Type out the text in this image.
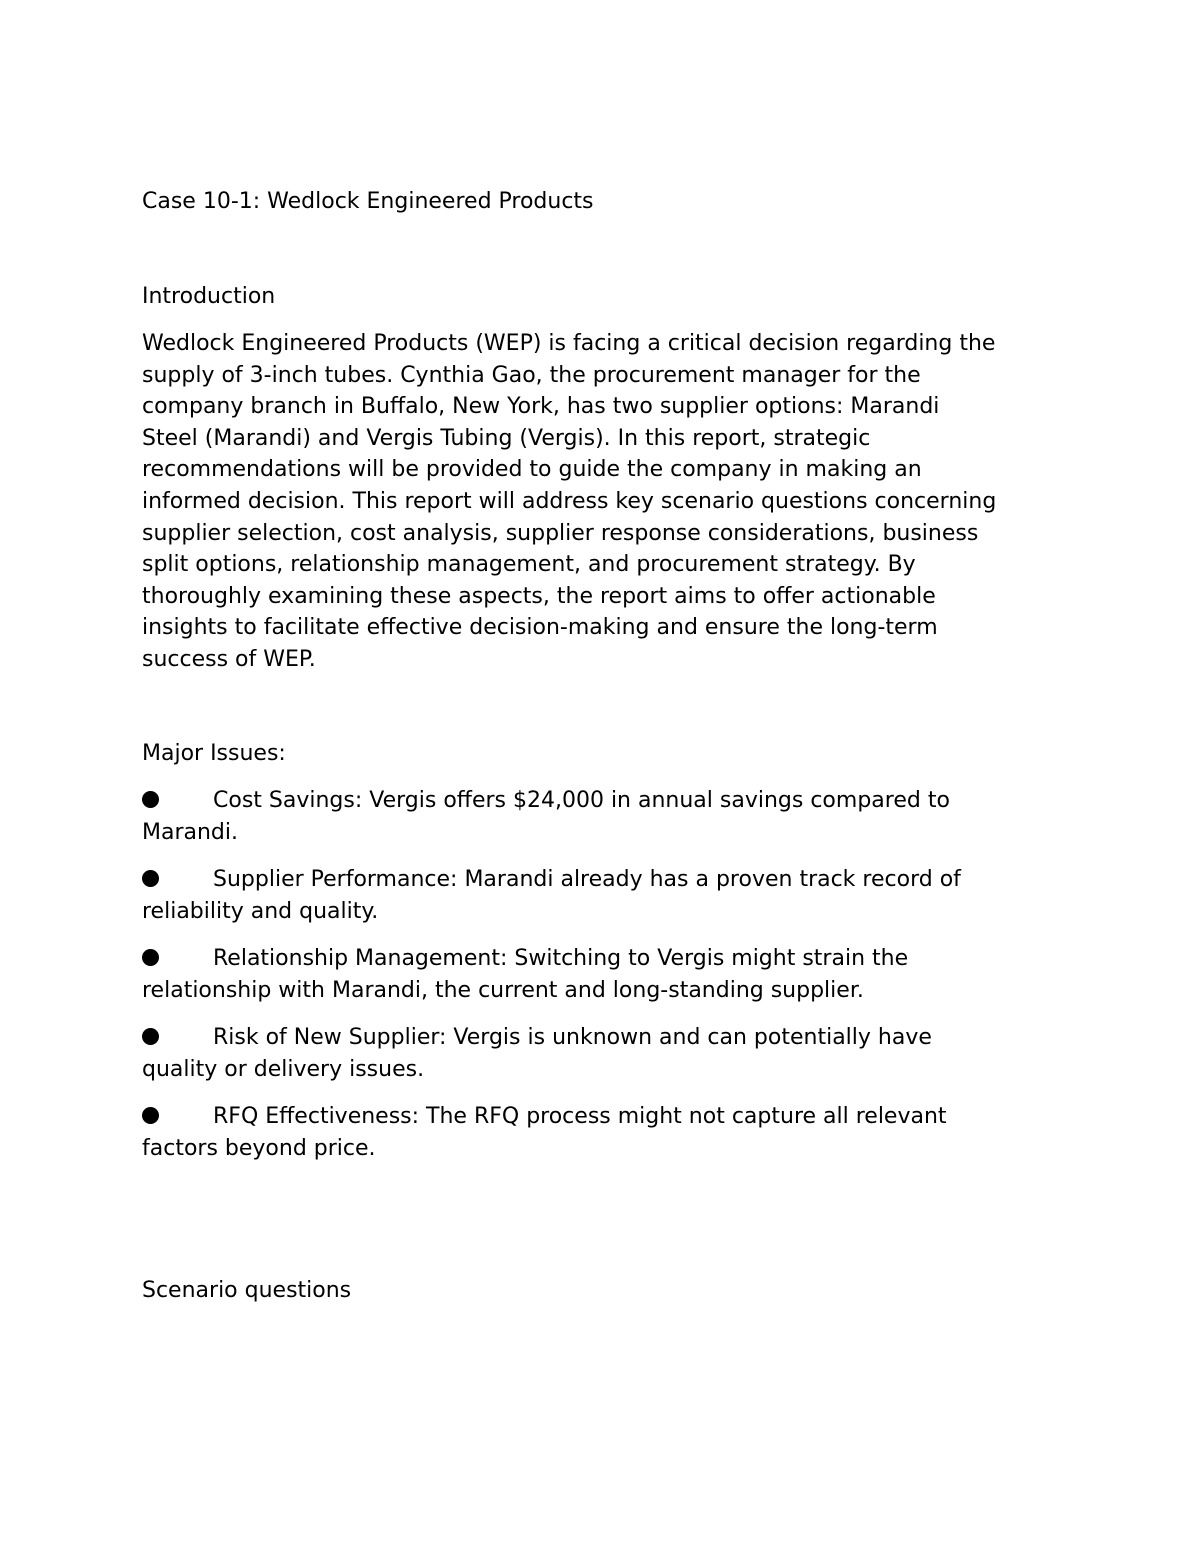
Case 10-1: Wedlock Engineered Products

Introduction

Wedlock Engineered Products (WEP) is facing a critical decision regarding the
supply of 3-inch tubes. Cynthia Gao, the procurement manager for the
company branch in Buffalo, New York, has two supplier options: Marandi
Steel (Marandi) and Vergis Tubing (Vergis). In this report, strategic
recommendations will be provided to guide the company in making an
informed decision. This report will address key scenario questions concerning
supplier selection, cost analysis, supplier response considerations, business
split options, relationship management, and procurement strategy. By
thoroughly examining these aspects, the report aims to offer actionable
insights to facilitate effective decision-making and ensure the long-term
success of WEP.

Major Issues:

Cost Savings: Vergis offers $24,000 in annual savings compared to
Marandi.
Supplier Performance: Marandi already has a proven track record of
reliability and quality.
Relationship Management: Switching to Vergis might strain the
relationship with Marandi, the current and long-standing supplier.
Risk of New Supplier: Vergis is unknown and can potentially have
quality or delivery issues.
RFQ Effectiveness: The RFQ process might not capture all relevant
factors beyond price.

Scenario questions
